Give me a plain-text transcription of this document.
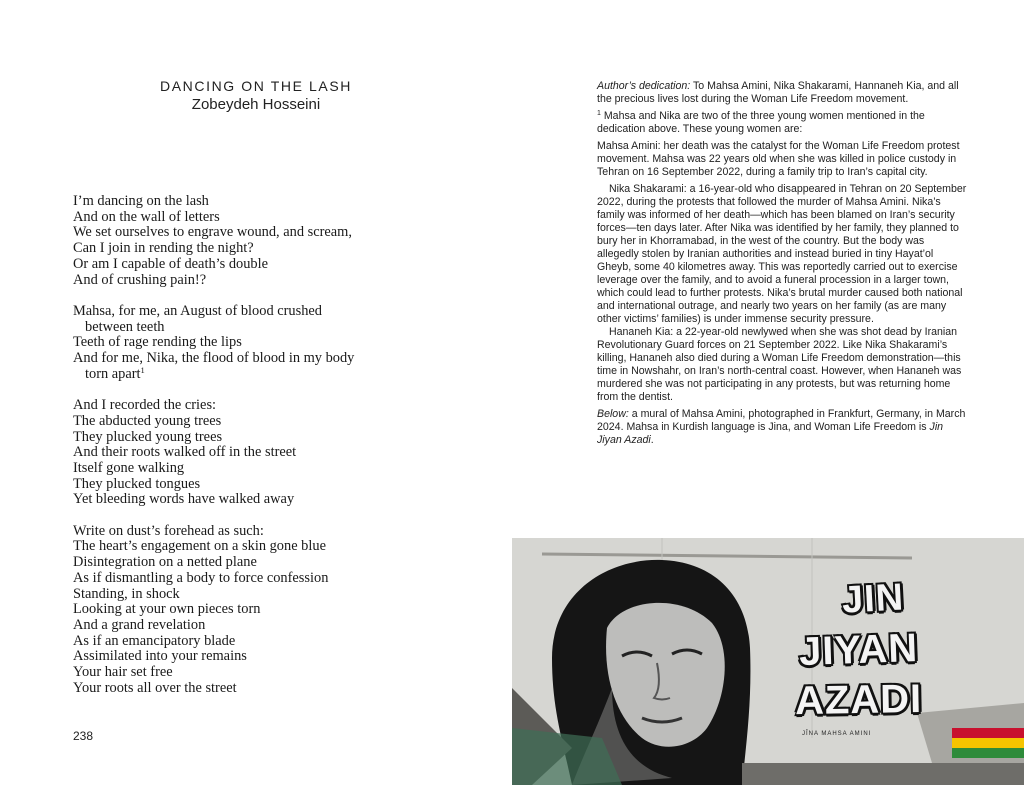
DANCING ON THE LASH
Zobeydeh Hosseini
I’m dancing on the lash
And on the wall of letters
We set ourselves to engrave wound, and scream,
Can I join in rending the night?
Or am I capable of death’s double
And of crushing pain!?
Mahsa, for me, an August of blood crushed
between teeth
Teeth of rage rending the lips
And for me, Nika, the flood of blood in my body
torn apart$^1$
And I recorded the cries:
The abducted young trees
They plucked young trees
And their roots walked off in the street
Itself gone walking
They plucked tongues
Yet bleeding words have walked away
Write on dust’s forehead as such:
The heart’s engagement on a skin gone blue
Disintegration on a netted plane
As if dismantling a body to force confession
Standing, in shock
Looking at your own pieces torn
And a grand revelation
As if an emancipatory blade
Assimilated into your remains
Your hair set free
Your roots all over the street
238

Author’s dedication: To Mahsa Amini, Nika Shakarami, Hannaneh Kia, and all the precious lives lost during the Woman Life Freedom movement.

$^1$ Mahsa and Nika are two of the three young women mentioned in the dedication above. These young women are:

Mahsa Amini: her death was the catalyst for the Woman Life Freedom protest movement. Mahsa was 22 years old when she was killed in police custody in Tehran on 16 September 2022, during a family trip to Iran’s capital city.

Nika Shakarami: a 16-year-old who disappeared in Tehran on 20 September 2022, during the protests that followed the murder of Mahsa Amini. Nika’s family was informed of her death—which has been blamed on Iran’s security forces—ten days later. After Nika was identified by her family, they planned to bury her in Khorramabad, in the west of the country. But the body was allegedly stolen by Iranian authorities and instead buried in tiny Hayat’ol Gheyb, some 40 kilometres away. This was reportedly carried out to exercise leverage over the family, and to avoid a funeral procession in a larger town, which could lead to further protests. Nika’s brutal murder caused both national and international outrage, and nearly two years on her family (as are many other victims’ families) is under immense security pressure.

Hananeh Kia: a 22-year-old newlywed when she was shot dead by Iranian Revolutionary Guard forces on 21 September 2022. Like Nika Shakarami’s killing, Hananeh also died during a Woman Life Freedom demonstration—this time in Nowshahr, on Iran’s north-central coast. However, when Hananeh was murdered she was not participating in any protests, but was returning home from the dentist.

Below: a mural of Mahsa Amini, photographed in Frankfurt, Germany, in March 2024. Mahsa in Kurdish language is Jina, and Woman Life Freedom is Jin Jiyan Azadi.

JIN
JIYAN
AZADI
JÎNA MAHSA AMINI
